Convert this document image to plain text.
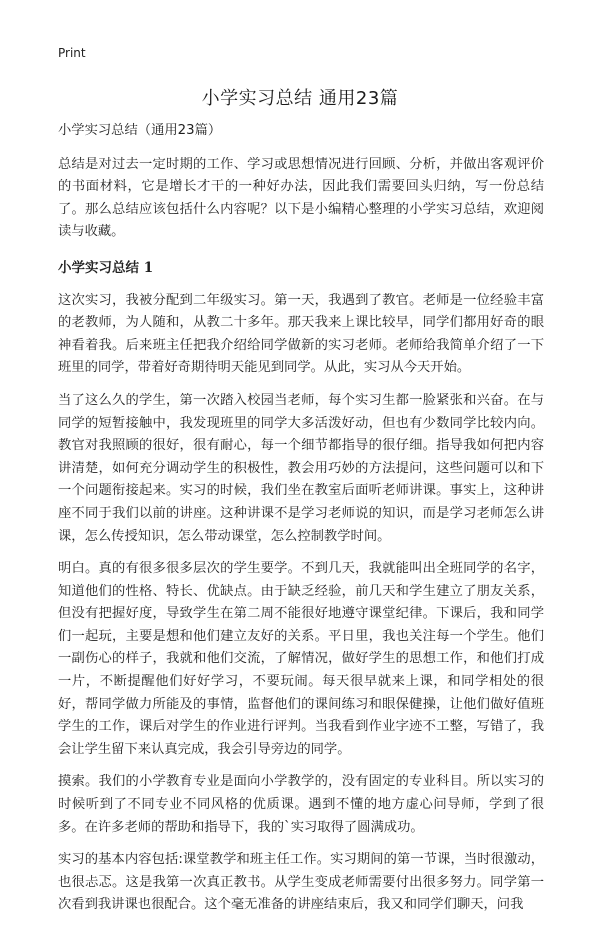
Print
小学实习总结 通用23篇

小学实习总结（通用23篇）

总结是对过去一定时期的工作、学习或思想情况进行回顾、分析，并做出客观评价的书面材料，它是增长才干的一种好办法，因此我们需要回头归纳，写一份总结了。那么总结应该包括什么内容呢？以下是小编精心整理的小学实习总结，欢迎阅读与收藏。

小学实习总结 1

这次实习，我被分配到二年级实习。第一天，我遇到了教官。老师是一位经验丰富的老教师，为人随和，从教二十多年。那天我来上课比较早，同学们都用好奇的眼神看着我。后来班主任把我介绍给同学做新的实习老师。老师给我简单介绍了一下班里的同学，带着好奇期待明天能见到同学。从此，实习从今天开始。

当了这么久的学生，第一次踏入校园当老师，每个实习生都一脸紧张和兴奋。在与同学的短暂接触中，我发现班里的同学大多活泼好动，但也有少数同学比较内向。教官对我照顾的很好，很有耐心，每一个细节都指导的很仔细。指导我如何把内容讲清楚，如何充分调动学生的积极性，教会用巧妙的方法提问，这些问题可以和下一个问题衔接起来。实习的时候，我们坐在教室后面听老师讲课。事实上，这种讲座不同于我们以前的讲座。这种讲课不是学习老师说的知识，而是学习老师怎么讲课，怎么传授知识，怎么带动课堂，怎么控制教学时间。

明白。真的有很多很多层次的学生要学。不到几天，我就能叫出全班同学的名字，知道他们的性格、特长、优缺点。由于缺乏经验，前几天和学生建立了朋友关系，但没有把握好度，导致学生在第二周不能很好地遵守课堂纪律。下课后，我和同学们一起玩，主要是想和他们建立友好的关系。平日里，我也关注每一个学生。他们一副伤心的样子，我就和他们交流，了解情况，做好学生的思想工作，和他们打成一片，不断提醒他们好好学习，不要玩闹。每天很早就来上课，和同学相处的很好，帮同学做力所能及的事情，监督他们的课间练习和眼保健操，让他们做好值班学生的工作，课后对学生的作业进行评判。当我看到作业字迹不工整，写错了，我会让学生留下来认真完成，我会引导旁边的同学。

摸索。我们的小学教育专业是面向小学教学的，没有固定的专业科目。所以实习的时候听到了不同专业不同风格的优质课。遇到不懂的地方虚心问导师，学到了很多。在许多老师的帮助和指导下，我的`实习取得了圆满成功。

实习的基本内容包括:课堂教学和班主任工作。实习期间的第一节课，当时很激动，也很忐忑。这是我第一次真正教书。从学生变成老师需要付出很多努力。同学第一次看到我讲课也很配合。这个毫无准备的讲座结束后，我又和同学们聊天，问我
